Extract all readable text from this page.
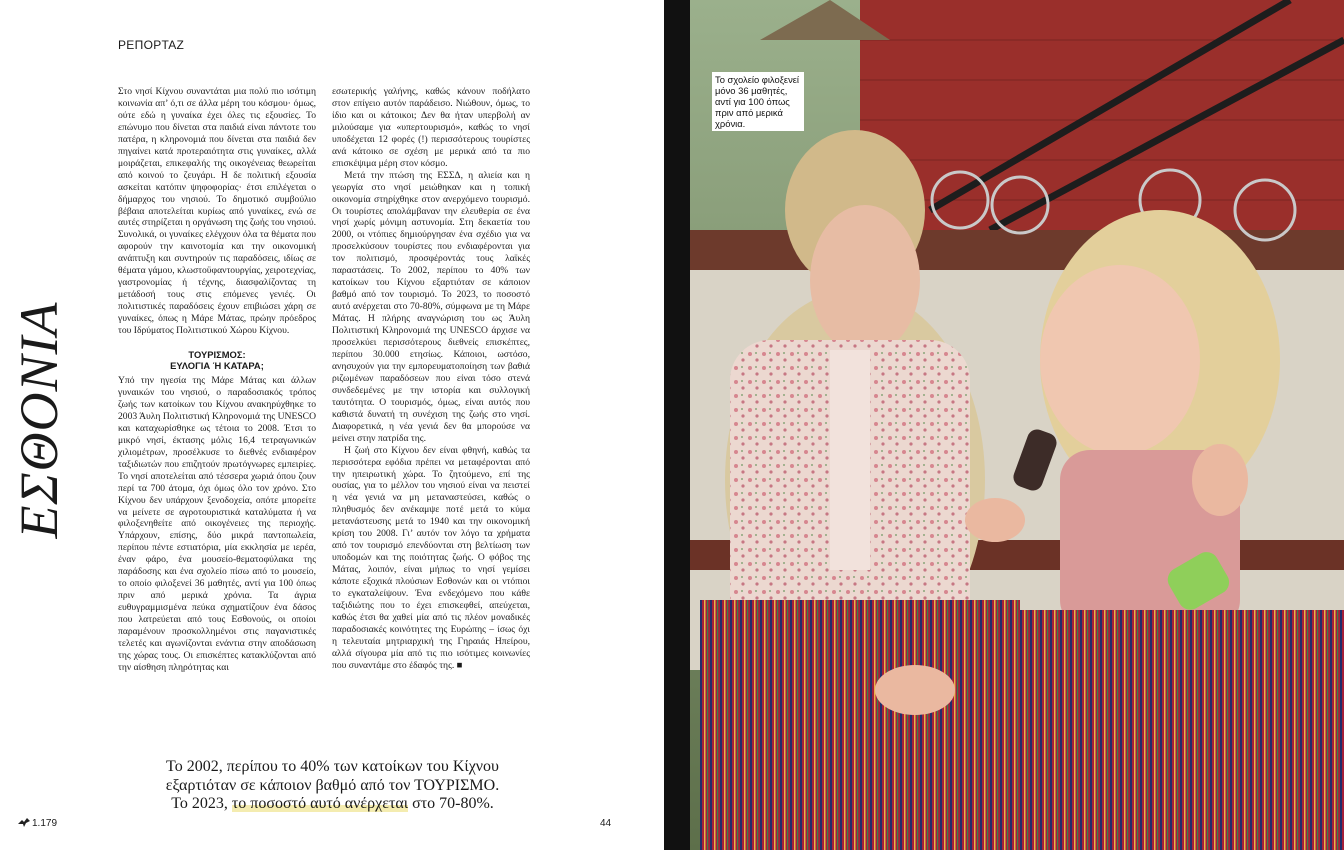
ΡΕΠΟΡΤΑΖ
ΕΣΘΟΝΙΑ

Στο νησί Κίχνου συναντάται μια πολύ πιο ισότιμη κοινωνία απ’ ό,τι σε άλλα μέρη του κόσμου· όμως, ούτε εδώ η γυναίκα έχει όλες τις εξουσίες. Το επώνυμο που δίνεται στα παιδιά είναι πάντοτε του πατέρα, η κληρονομιά που δίνεται στα παιδιά δεν πηγαίνει κατά προτεραιότητα στις γυναίκες, αλλά μοιράζεται, επικεφαλής της οικογένειας θεωρείται από κοινού το ζευγάρι. Η δε πολιτική εξουσία ασκείται κατόπιν ψηφοφορίας· έτσι επιλέγεται ο δήμαρχος του νησιού. Το δημοτικό συμβούλιο βέβαια αποτελείται κυρίως από γυναίκες, ενώ σε αυτές στηρίζεται η οργάνωση της ζωής του νησιού. Συνολικά, οι γυναίκες ελέγχουν όλα τα θέματα που αφορούν την καινοτομία και την οικονομική ανάπτυξη και συντηρούν τις παραδόσεις, ιδίως σε θέματα γάμου, κλωστοϋφαντουργίας, χειροτεχνίας, γαστρονομίας ή τέχνης, διασφαλίζοντας τη μετάδοσή τους στις επόμενες γενιές. Οι πολιτιστικές παραδόσεις έχουν επιβιώσει χάρη σε γυναίκες, όπως η Μάρε Μάτας, πρώην πρόεδρος του Ιδρύματος Πολιτιστικού Χώρου Κίχνου.

ΤΟΥΡΙΣΜΟΣ:
ΕΥΛΟΓΙΑ Ή ΚΑΤΑΡΑ;

Υπό την ηγεσία της Μάρε Μάτας και άλλων γυναικών του νησιού, ο παραδοσιακός τρόπος ζωής των κατοίκων του Κίχνου ανακηρύχθηκε το 2003 Άυλη Πολιτιστική Κληρονομιά της UNESCO και καταχωρίσθηκε ως τέτοια το 2008. Έτσι το μικρό νησί, έκτασης μόλις 16,4 τετραγωνικών χιλιομέτρων, προσέλκυσε το διεθνές ενδιαφέρον ταξιδιωτών που επιζητούν πρωτόγνωρες εμπειρίες. Το νησί αποτελείται από τέσσερα χωριά όπου ζουν περί τα 700 άτομα, όχι όμως όλο τον χρόνο. Στο Κίχνου δεν υπάρχουν ξενοδοχεία, οπότε μπορείτε να μείνετε σε αγροτουριστικά καταλύματα ή να φιλοξενηθείτε από οικογένειες της περιοχής. Υπάρχουν, επίσης, δύο μικρά παντοπωλεία, περίπου πέντε εστιατόρια, μία εκκλησία με ιερέα, έναν φάρο, ένα μουσείο-θεματοφύλακα της παράδοσης και ένα σχολείο πίσω από το μουσείο, το οποίο φιλοξενεί 36 μαθητές, αντί για 100 όπως πριν από μερικά χρόνια. Τα άγρια ευθυγραμμισμένα πεύκα σχηματίζουν ένα δάσος που λατρεύεται από τους Εσθονούς, οι οποίοι παραμένουν προσκολλημένοι στις παγανιστικές τελετές και αγωνίζονται ενάντια στην αποδάσωση της χώρας τους. Οι επισκέπτες κατακλύζονται από την αίσθηση πληρότητας και

εσωτερικής γαλήνης, καθώς κάνουν ποδήλατο στον επίγειο αυτόν παράδεισο. Νιώθουν, όμως, το ίδιο και οι κάτοικοι; Δεν θα ήταν υπερβολή αν μιλούσαμε για «υπερτουρισμό», καθώς το νησί υποδέχεται 12 φορές (!) περισσότερους τουρίστες ανά κάτοικο σε σχέση με μερικά από τα πιο επισκέψιμα μέρη στον κόσμο.

Μετά την πτώση της ΕΣΣΔ, η αλιεία και η γεωργία στο νησί μειώθηκαν και η τοπική οικονομία στηρίχθηκε στον ανερχόμενο τουρισμό. Οι τουρίστες απολάμβαναν την ελευθερία σε ένα νησί χωρίς μόνιμη αστυνομία. Στη δεκαετία του 2000, οι ντόπιες δημιούργησαν ένα σχέδιο για να προσελκύσουν τουρίστες που ενδιαφέρονται για τον πολιτισμό, προσφέροντάς τους λαϊκές παραστάσεις. Το 2002, περίπου το 40% των κατοίκων του Κίχνου εξαρτιόταν σε κάποιον βαθμό από τον τουρισμό. Το 2023, το ποσοστό αυτό ανέρχεται στο 70-80%, σύμφωνα με τη Μάρε Μάτας. Η πλήρης αναγνώριση του ως Άυλη Πολιτιστική Κληρονομιά της UNESCO άρχισε να προσελκύει περισσότερους διεθνείς επισκέπτες, περίπου 30.000 ετησίως. Κάποιοι, ωστόσο, ανησυχούν για την εμπορευματοποίηση των βαθιά ριζωμένων παραδόσεων που είναι τόσο στενά συνδεδεμένες με την ιστορία και συλλογική ταυτότητα. Ο τουρισμός, όμως, είναι αυτός που καθιστά δυνατή τη συνέχιση της ζωής στο νησί. Διαφορετικά, η νέα γενιά δεν θα μπορούσε να μείνει στην πατρίδα της.

Η ζωή στο Κίχνου δεν είναι φθηνή, καθώς τα περισσότερα εφόδια πρέπει να μεταφέρονται από την ηπειρωτική χώρα. Το ζητούμενο, επί της ουσίας, για το μέλλον του νησιού είναι να πειστεί η νέα γενιά να μη μεταναστεύσει, καθώς ο πληθυσμός δεν ανέκαμψε ποτέ μετά το κύμα μετανάστευσης μετά το 1940 και την οικονομική κρίση του 2008. Γι’ αυτόν τον λόγο τα χρήματα από τον τουρισμό επενδύονται στη βελτίωση των υποδομών και της ποιότητας ζωής. Ο φόβος της Μάτας, λοιπόν, είναι μήπως το νησί γεμίσει κάποτε εξοχικά πλούσιων Εσθονών και οι ντόπιοι το εγκαταλείψουν. Ένα ενδεχόμενο που κάθε ταξιδιώτης που το έχει επισκεφθεί, απεύχεται, καθώς έτσι θα χαθεί μία από τις πλέον μοναδικές παραδοσιακές κοινότητες της Ευρώπης – ίσως όχι η τελευταία μητριαρχική της Γηραιάς Ηπείρου, αλλά σίγουρα μία από τις πιο ισότιμες κοινωνίες που συναντάμε στο έδαφός της. ■

Το 2002, περίπου το 40% των κατοίκων του Κίχνου
εξαρτιόταν σε κάποιον βαθμό από τον ΤΟΥΡΙΣΜΟ.
Το 2023, το ποσοστό αυτό ανέρχεται στο 70-80%.
1.179	44
Το σχολείο φιλοξενεί μόνο 36 μαθητές, αντί για 100 όπως πριν από μερικά χρόνια.
